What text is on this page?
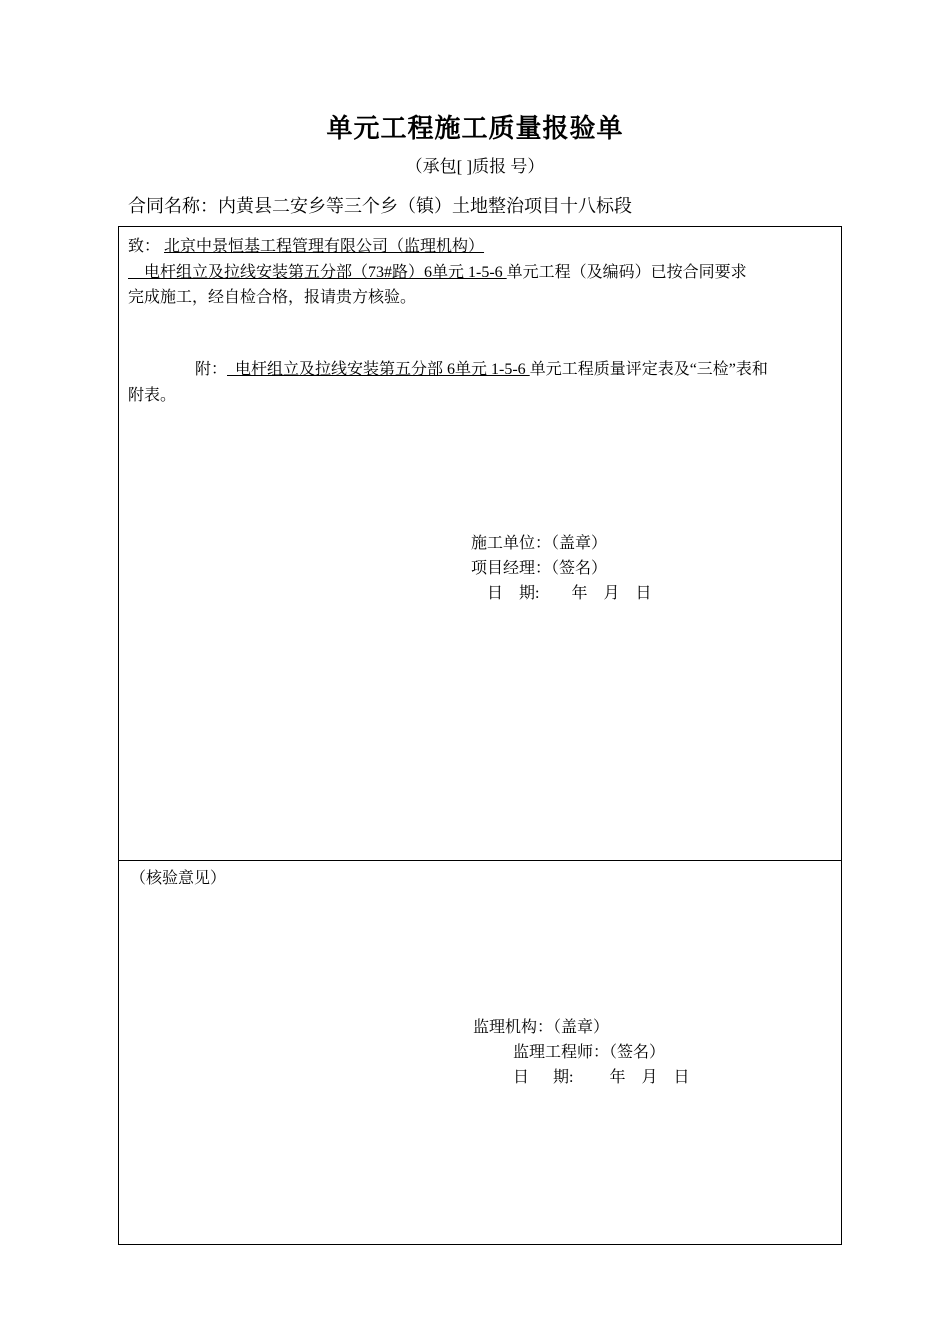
单元工程施工质量报验单
（承包[ ]质报 号）
合同名称：内黄县二安乡等三个乡（镇）土地整治项目十八标段
致： 北京中景恒基工程管理有限公司（监理机构）
电杆组立及拉线安装第五分部（73#路）6单元 1-5-6 单元工程（及编码）已按合同要求
完成施工，经自检合格，报请贵方核验。
附：  电杆组立及拉线安装第五分部 6单元 1-5-6 单元工程质量评定表及“三检”表和
附表。
施工单位：（盖章）
项目经理：（签名）
日    期:        年    月    日
（核验意见）
监理机构：（盖章）
监理工程师：（签名）
日      期:         年    月    日
